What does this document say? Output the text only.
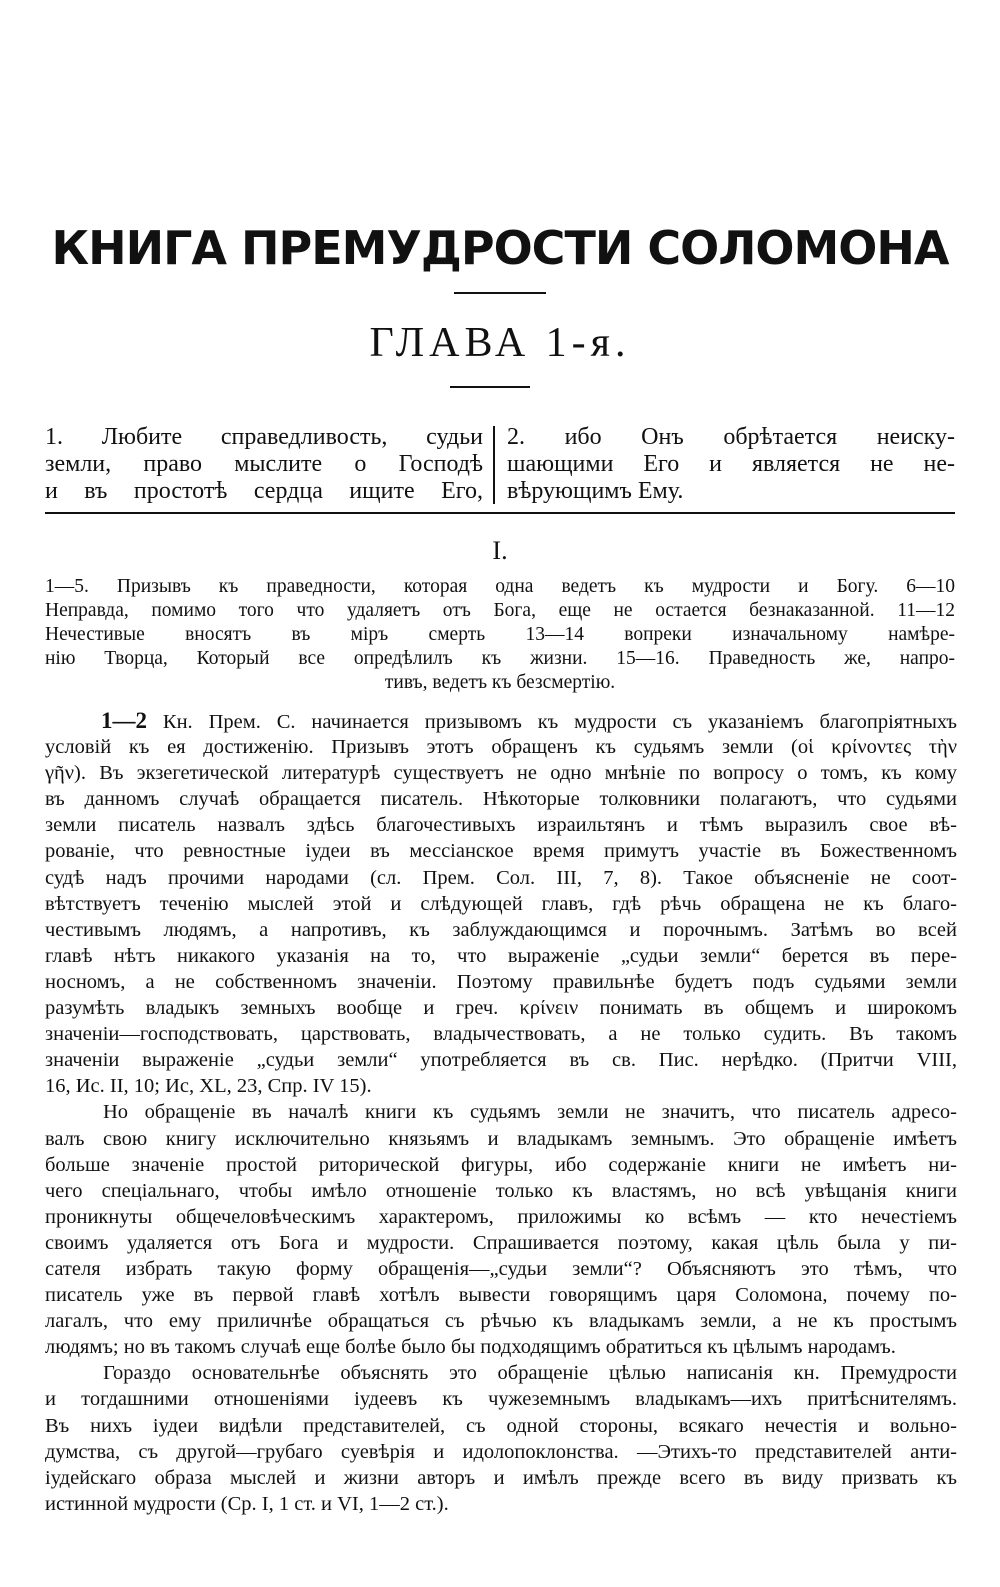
КНИГА ПРЕМУДРОСТИ СОЛОМОНА
ГЛАВА 1-я.
1. Любите справедливость, судьи
земли, право мыслите о Господѣ
и въ простотѣ сердца ищите Его,
2. ибо Онъ обрѣтается неиску-
шающими Его и является не не-
вѣрующимъ Ему.
I.
1—5. Призывъ къ праведности, которая одна ведетъ къ мудрости и Богу. 6—10
Неправда, помимо того что удаляетъ отъ Бога, еще не остается безнаказанной. 11—12
Нечестивые вносятъ въ міръ смерть 13—14 вопреки изначальному намѣре-
нію Творца, Который все опредѣлилъ къ жизни. 15—16. Праведность же, напро-
тивъ, ведетъ къ безсмертію.
1—2 Кн. Прем. С. начинается призывомъ къ мудрости съ указаніемъ благопріятныхъ
условій къ ея достиженію. Призывъ этотъ обращенъ къ судьямъ земли (οἱ κρίνοντες τὴν
γῆν). Въ экзегетической литературѣ существуетъ не одно мнѣніе по вопросу о томъ, къ кому
въ данномъ случаѣ обращается писатель. Нѣкоторые толковники полагаютъ, что судьями
земли писатель назвалъ здѣсь благочестивыхъ израильтянъ и тѣмъ выразилъ свое вѣ-
рованіе, что ревностные іудеи въ мессіанское время примутъ участіе въ Божественномъ
судѣ надъ прочими народами (сл. Прем. Сол. III, 7, 8). Такое объясненіе не соот-
вѣтствуетъ теченію мыслей этой и слѣдующей главъ, гдѣ рѣчь обращена не къ благо-
честивымъ людямъ, а напротивъ, къ заблуждающимся и порочнымъ. Затѣмъ во всей
главѣ нѣтъ никакого указанія на то, что выраженіе „судьи земли“ берется въ пере-
носномъ, а не собственномъ значеніи. Поэтому правильнѣе будетъ подъ судьями земли
разумѣть владыкъ земныхъ вообще и греч. κρίνειν понимать въ общемъ и широкомъ
значеніи—господствовать, царствовать, владычествовать, а не только судить. Въ такомъ
значеніи выраженіе „судьи земли“ употребляется въ св. Пис. нерѣдко. (Притчи VIII,
16, Ис. II, 10; Ис, XL, 23, Спр. IV 15).
Но обращеніе въ началѣ книги къ судьямъ земли не значитъ, что писатель адресо-
валъ свою книгу исключительно князьямъ и владыкамъ земнымъ. Это обращеніе имѣетъ
больше значеніе простой риторической фигуры, ибо содержаніе книги не имѣетъ ни-
чего спеціальнаго, чтобы имѣло отношеніе только къ властямъ, но всѣ увѣщанія книги
проникнуты общечеловѣческимъ характеромъ, приложимы ко всѣмъ — кто нечестіемъ
своимъ удаляется отъ Бога и мудрости. Спрашивается поэтому, какая цѣль была у пи-
сателя избрать такую форму обращенія—„судьи земли“? Объясняютъ это тѣмъ, что
писатель уже въ первой главѣ хотѣлъ вывести говорящимъ царя Соломона, почему по-
лагалъ, что ему приличнѣе обращаться съ рѣчью къ владыкамъ земли, а не къ простымъ
людямъ; но въ такомъ случаѣ еще болѣе было бы подходящимъ обратиться къ цѣлымъ народамъ.
Гораздо основательнѣе объяснять это обращеніе цѣлью написанія кн. Премудрости
и тогдашними отношеніями іудеевъ къ чужеземнымъ владыкамъ—ихъ притѣснителямъ.
Въ нихъ іудеи видѣли представителей, съ одной стороны, всякаго нечестія и вольно-
думства, съ другой—грубаго суевѣрія и идолопоклонства. —Этихъ-то представителей анти-
іудейскаго образа мыслей и жизни авторъ и имѣлъ прежде всего въ виду призвать къ
истинной мудрости (Ср. I, 1 ст. и VI, 1—2 ст.).
